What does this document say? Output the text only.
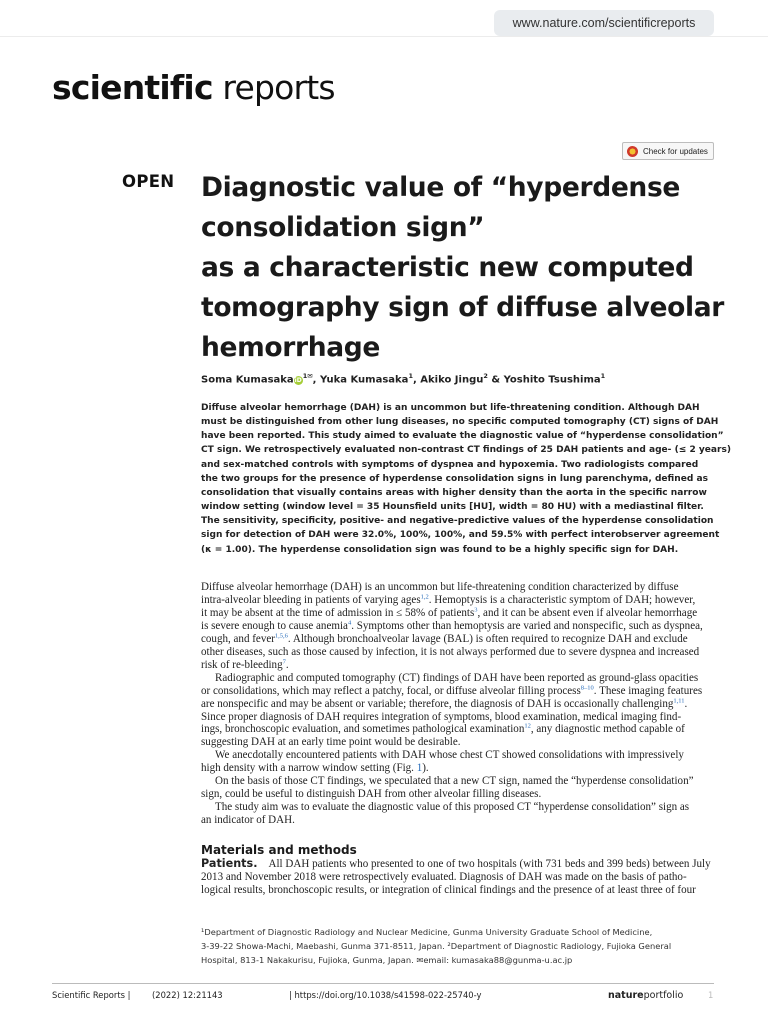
www.nature.com/scientificreports
scientific reports
Check for updates
OPEN Diagnostic value of “hyperdense
consolidation sign”
as a characteristic new computed
tomography sign of diffuse alveolar
hemorrhage
Soma KumasakaiD$^{1✉}$, Yuka Kumasaka$^1$, Akiko Jingu$^2$ & Yoshito Tsushima$^1$
Diffuse alveolar hemorrhage (DAH) is an uncommon but life-threatening condition. Although DAH
must be distinguished from other lung diseases, no specific computed tomography (CT) signs of DAH
have been reported. This study aimed to evaluate the diagnostic value of “hyperdense consolidation”
CT sign. We retrospectively evaluated non-contrast CT findings of 25 DAH patients and age- (≤ 2 years)
and sex-matched controls with symptoms of dyspnea and hypoxemia. Two radiologists compared
the two groups for the presence of hyperdense consolidation signs in lung parenchyma, defined as
consolidation that visually contains areas with higher density than the aorta in the specific narrow
window setting (window level = 35 Hounsfield units [HU], width = 80 HU) with a mediastinal filter.
The sensitivity, specificity, positive- and negative-predictive values of the hyperdense consolidation
sign for detection of DAH were 32.0%, 100%, 100%, and 59.5% with perfect interobserver agreement
(κ = 1.00). The hyperdense consolidation sign was found to be a highly specific sign for DAH.
Diffuse alveolar hemorrhage (DAH) is an uncommon but life-threatening condition characterized by diffuse
intra-alveolar bleeding in patients of varying ages$^{1,2}$. Hemoptysis is a characteristic symptom of DAH; however,
it may be absent at the time of admission in ≤ 58% of patients$^3$, and it can be absent even if alveolar hemorrhage
is severe enough to cause anemia$^4$. Symptoms other than hemoptysis are varied and nonspecific, such as dyspnea,
cough, and fever$^{1,5,6}$. Although bronchoalveolar lavage (BAL) is often required to recognize DAH and exclude
other diseases, such as those caused by infection, it is not always performed due to severe dyspnea and increased
risk of re-bleeding$^7$.
Radiographic and computed tomography (CT) findings of DAH have been reported as ground-glass opacities
or consolidations, which may reflect a patchy, focal, or diffuse alveolar filling process$^{8-10}$. These imaging features
are nonspecific and may be absent or variable; therefore, the diagnosis of DAH is occasionally challenging$^{1,11}$.
Since proper diagnosis of DAH requires integration of symptoms, blood examination, medical imaging find-
ings, bronchoscopic evaluation, and sometimes pathological examination$^{12}$, any diagnostic method capable of
suggesting DAH at an early time point would be desirable.
We anecdotally encountered patients with DAH whose chest CT showed consolidations with impressively
high density with a narrow window setting (Fig. 1).
On the basis of those CT findings, we speculated that a new CT sign, named the “hyperdense consolidation”
sign, could be useful to distinguish DAH from other alveolar filling diseases.
The study aim was to evaluate the diagnostic value of this proposed CT “hyperdense consolidation” sign as
an indicator of DAH.
Materials and methods
Patients. All DAH patients who presented to one of two hospitals (with 731 beds and 399 beds) between July
2013 and November 2018 were retrospectively evaluated. Diagnosis of DAH was made on the basis of patho-
logical results, bronchoscopic results, or integration of clinical findings and the presence of at least three of four
¹Department of Diagnostic Radiology and Nuclear Medicine, Gunma University Graduate School of Medicine,
3-39-22 Showa-Machi, Maebashi, Gunma 371-8511, Japan. ²Department of Diagnostic Radiology, Fujioka General
Hospital, 813-1 Nakakurisu, Fujioka, Gunma, Japan. ✉email: kumasaka88@gunma-u.ac.jp
Scientific Reports |	(2022) 12:21143	| https://doi.org/10.1038/s41598-022-25740-y	natureportfolio	1
